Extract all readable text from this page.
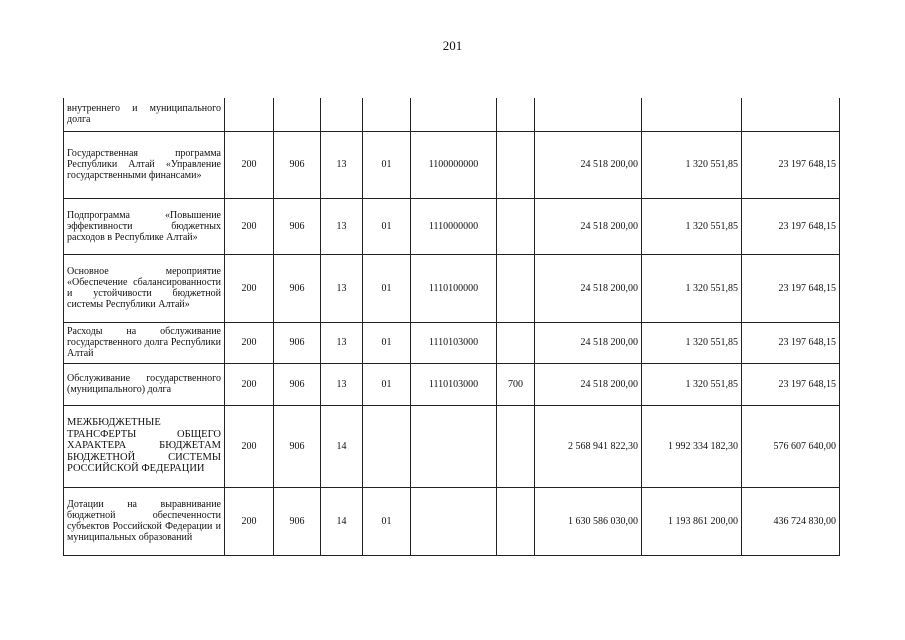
201
внутреннего и муниципального долга									
Государственная программа Республики Алтай «Управление государственными финансами»	200	906	13	01	1100000000		24 518 200,00	1 320 551,85	23 197 648,15
Подпрограмма «Повышение эффективности бюджетных расходов в Республике Алтай»	200	906	13	01	1110000000		24 518 200,00	1 320 551,85	23 197 648,15
Основное мероприятие «Обеспечение сбалансированности и устойчивости бюджетной системы Республики Алтай»	200	906	13	01	1110100000		24 518 200,00	1 320 551,85	23 197 648,15
Расходы на обслуживание государственного долга Республики Алтай	200	906	13	01	1110103000		24 518 200,00	1 320 551,85	23 197 648,15
Обслуживание государственного (муниципального) долга	200	906	13	01	1110103000	700	24 518 200,00	1 320 551,85	23 197 648,15
МЕЖБЮДЖЕТНЫЕ ТРАНСФЕРТЫ ОБЩЕГО ХАРАКТЕРА БЮДЖЕТАМ БЮДЖЕТНОЙ СИСТЕМЫ РОССИЙСКОЙ ФЕДЕРАЦИИ	200	906	14				2 568 941 822,30	1 992 334 182,30	576 607 640,00
Дотации на выравнивание бюджетной обеспеченности субъектов Российской Федерации и муниципальных образований	200	906	14	01			1 630 586 030,00	1 193 861 200,00	436 724 830,00
